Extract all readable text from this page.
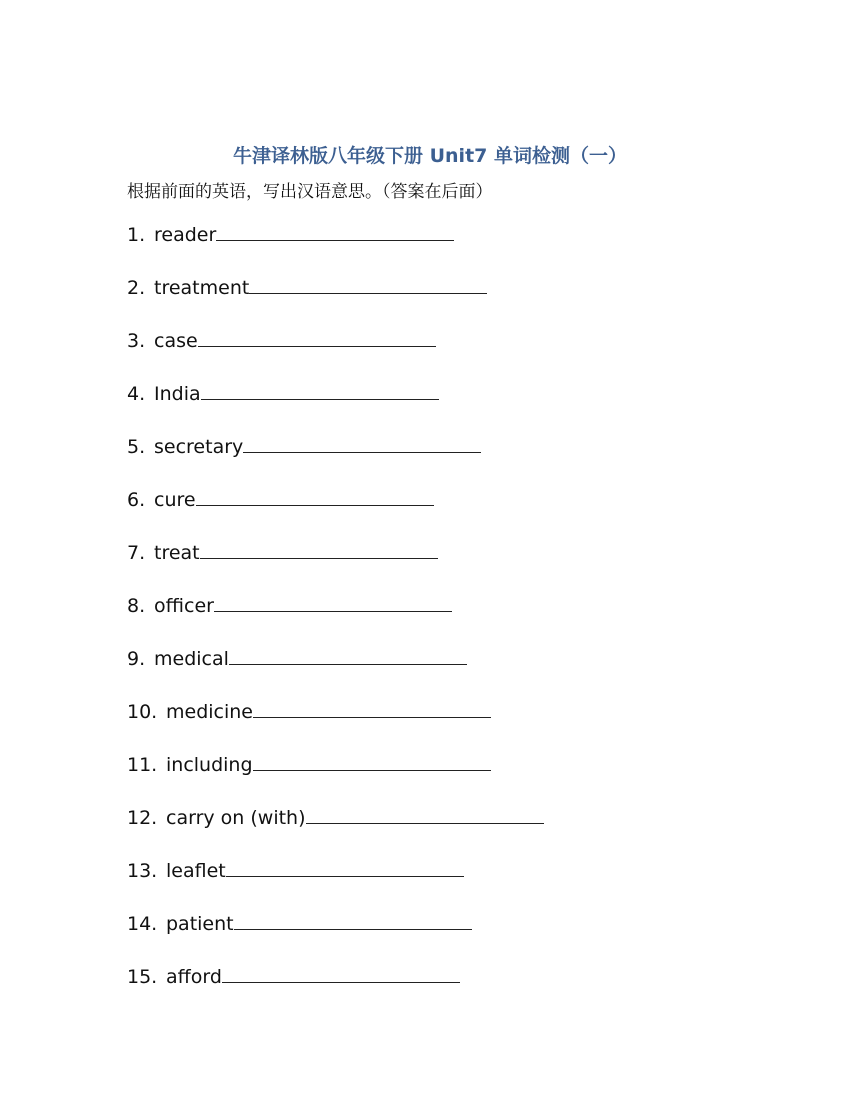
牛津译林版八年级下册 Unit7 单词检测（一）
根据前面的英语，写出汉语意思。（答案在后面）
1. reader
2. treatment
3. case
4. India
5. secretary
6. cure
7. treat
8. officer
9. medical
10. medicine
11. including
12. carry on (with)
13. leaflet
14. patient
15. afford
